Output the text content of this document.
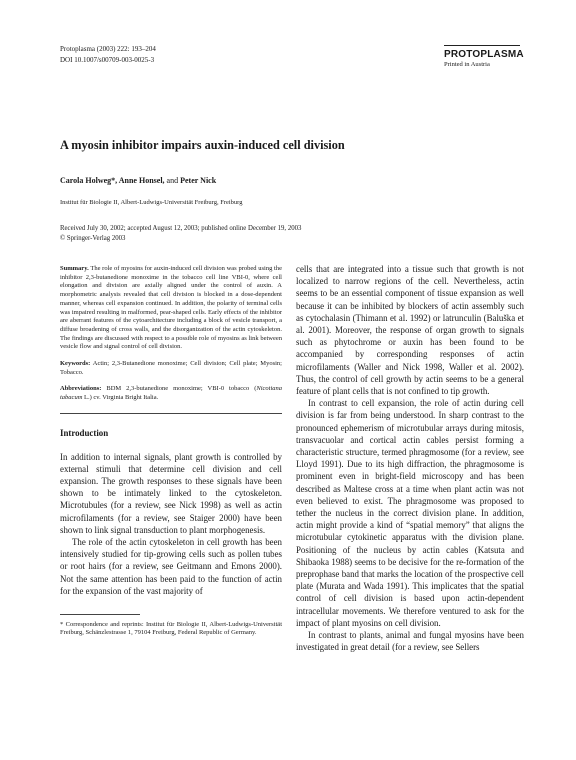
Protoplasma (2003) 222: 193–204
DOI 10.1007/s00709-003-0025-3	PROTOPLASMA
Printed in Austria
A myosin inhibitor impairs auxin-induced cell division
Carola Holweg*, Anne Honsel, and Peter Nick
Institut für Biologie II, Albert-Ludwigs-Universität Freiburg, Freiburg
Received July 30, 2002; accepted August 12, 2003; published online December 19, 2003
© Springer-Verlag 2003

Summary. The role of myosins for auxin-induced cell division was probed using the inhibitor 2,3-butanedione monoxime in the tobacco cell line VBI-0, where cell elongation and division are axially aligned under the control of auxin. A morphometric analysis revealed that cell division is blocked in a dose-dependent manner, whereas cell expansion continued. In addition, the polarity of terminal cells was impaired resulting in malformed, pear-shaped cells. Early effects of the inhibitor are aberrant features of the cytoarchitecture including a block of vesicle transport, a diffuse broadening of cross walls, and the disorganization of the actin cytoskeleton. The findings are discussed with respect to a possible role of myosins as link between vesicle flow and signal control of cell division.

Keywords: Actin; 2,3-Butanedione monoxime; Cell division; Cell plate; Myosin; Tobacco.

Abbreviations: BDM 2,3-butanedione monoxime; VBI-0 tobacco (Nicotiana tabacum L.) cv. Virginia Bright Italia.

Introduction

In addition to internal signals, plant growth is controlled by external stimuli that determine cell division and cell expansion. The growth responses to these signals have been shown to be intimately linked to the cytoskeleton. Microtubules (for a review, see Nick 1998) as well as actin microfilaments (for a review, see Staiger 2000) have been shown to link signal transduction to plant morphogenesis.

The role of the actin cytoskeleton in cell growth has been intensively studied for tip-growing cells such as pollen tubes or root hairs (for a review, see Geitmann and Emons 2000). Not the same attention has been paid to the function of actin for the expansion of the vast majority of

* Correspondence and reprints: Institut für Biologie II, Albert-Ludwigs-Universität Freiburg, Schänzlestrasse 1, 79104 Freiburg, Federal Republic of Germany.

cells that are integrated into a tissue such that growth is not localized to narrow regions of the cell. Nevertheless, actin seems to be an essential component of tissue expansion as well because it can be inhibited by blockers of actin assembly such as cytochalasin (Thimann et al. 1992) or latrunculin (Baluška et al. 2001). Moreover, the response of organ growth to signals such as phytochrome or auxin has been found to be accompanied by corresponding responses of actin microfilaments (Waller and Nick 1998, Waller et al. 2002). Thus, the control of cell growth by actin seems to be a general feature of plant cells that is not confined to tip growth.

In contrast to cell expansion, the role of actin during cell division is far from being understood. In sharp contrast to the pronounced ephemerism of microtubular arrays during mitosis, transvacuolar and cortical actin cables persist forming a characteristic structure, termed phragmosome (for a review, see Lloyd 1991). Due to its high diffraction, the phragmosome is prominent even in bright-field microscopy and has been described as Maltese cross at a time when plant actin was not even believed to exist. The phragmosome was proposed to tether the nucleus in the correct division plane. In addition, actin might provide a kind of “spatial memory” that aligns the microtubular cytokinetic apparatus with the division plane. Positioning of the nucleus by actin cables (Katsuta and Shibaoka 1988) seems to be decisive for the re-formation of the preprophase band that marks the location of the prospective cell plate (Murata and Wada 1991). This implicates that the spatial control of cell division is based upon actin-dependent intracellular movements. We therefore ventured to ask for the impact of plant myosins on cell division.

In contrast to plants, animal and fungal myosins have been investigated in great detail (for a review, see Sellers
